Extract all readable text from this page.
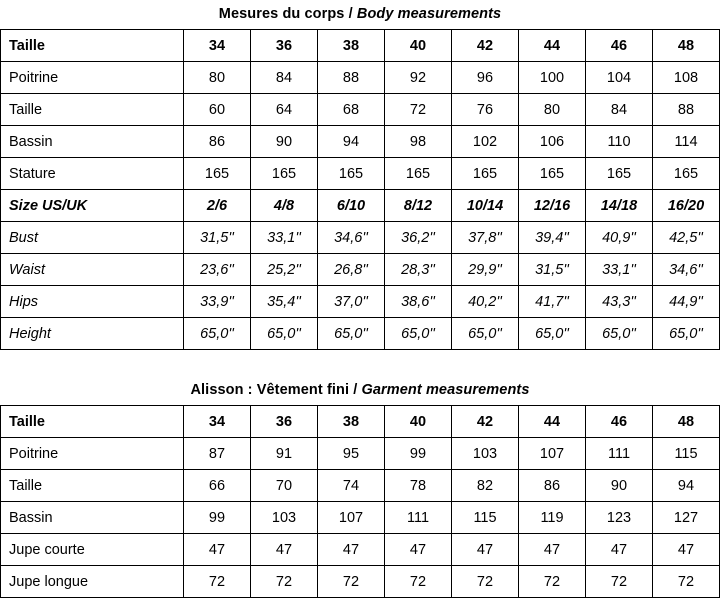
Mesures du corps / Body measurements
Taille	34	36	38	40	42	44	46	48
Poitrine	80	84	88	92	96	100	104	108
Taille	60	64	68	72	76	80	84	88
Bassin	86	90	94	98	102	106	110	114
Stature	165	165	165	165	165	165	165	165
Size US/UK	2/6	4/8	6/10	8/12	10/14	12/16	14/18	16/20
Bust	31,5''	33,1''	34,6''	36,2''	37,8''	39,4''	40,9''	42,5''
Waist	23,6''	25,2''	26,8''	28,3''	29,9''	31,5''	33,1''	34,6''
Hips	33,9''	35,4''	37,0''	38,6''	40,2''	41,7''	43,3''	44,9''
Height	65,0''	65,0''	65,0''	65,0''	65,0''	65,0''	65,0''	65,0''
Alisson : Vêtement fini / Garment measurements
Taille	34	36	38	40	42	44	46	48
Poitrine	87	91	95	99	103	107	111	115
Taille	66	70	74	78	82	86	90	94
Bassin	99	103	107	111	115	119	123	127
Jupe courte	47	47	47	47	47	47	47	47
Jupe longue	72	72	72	72	72	72	72	72
